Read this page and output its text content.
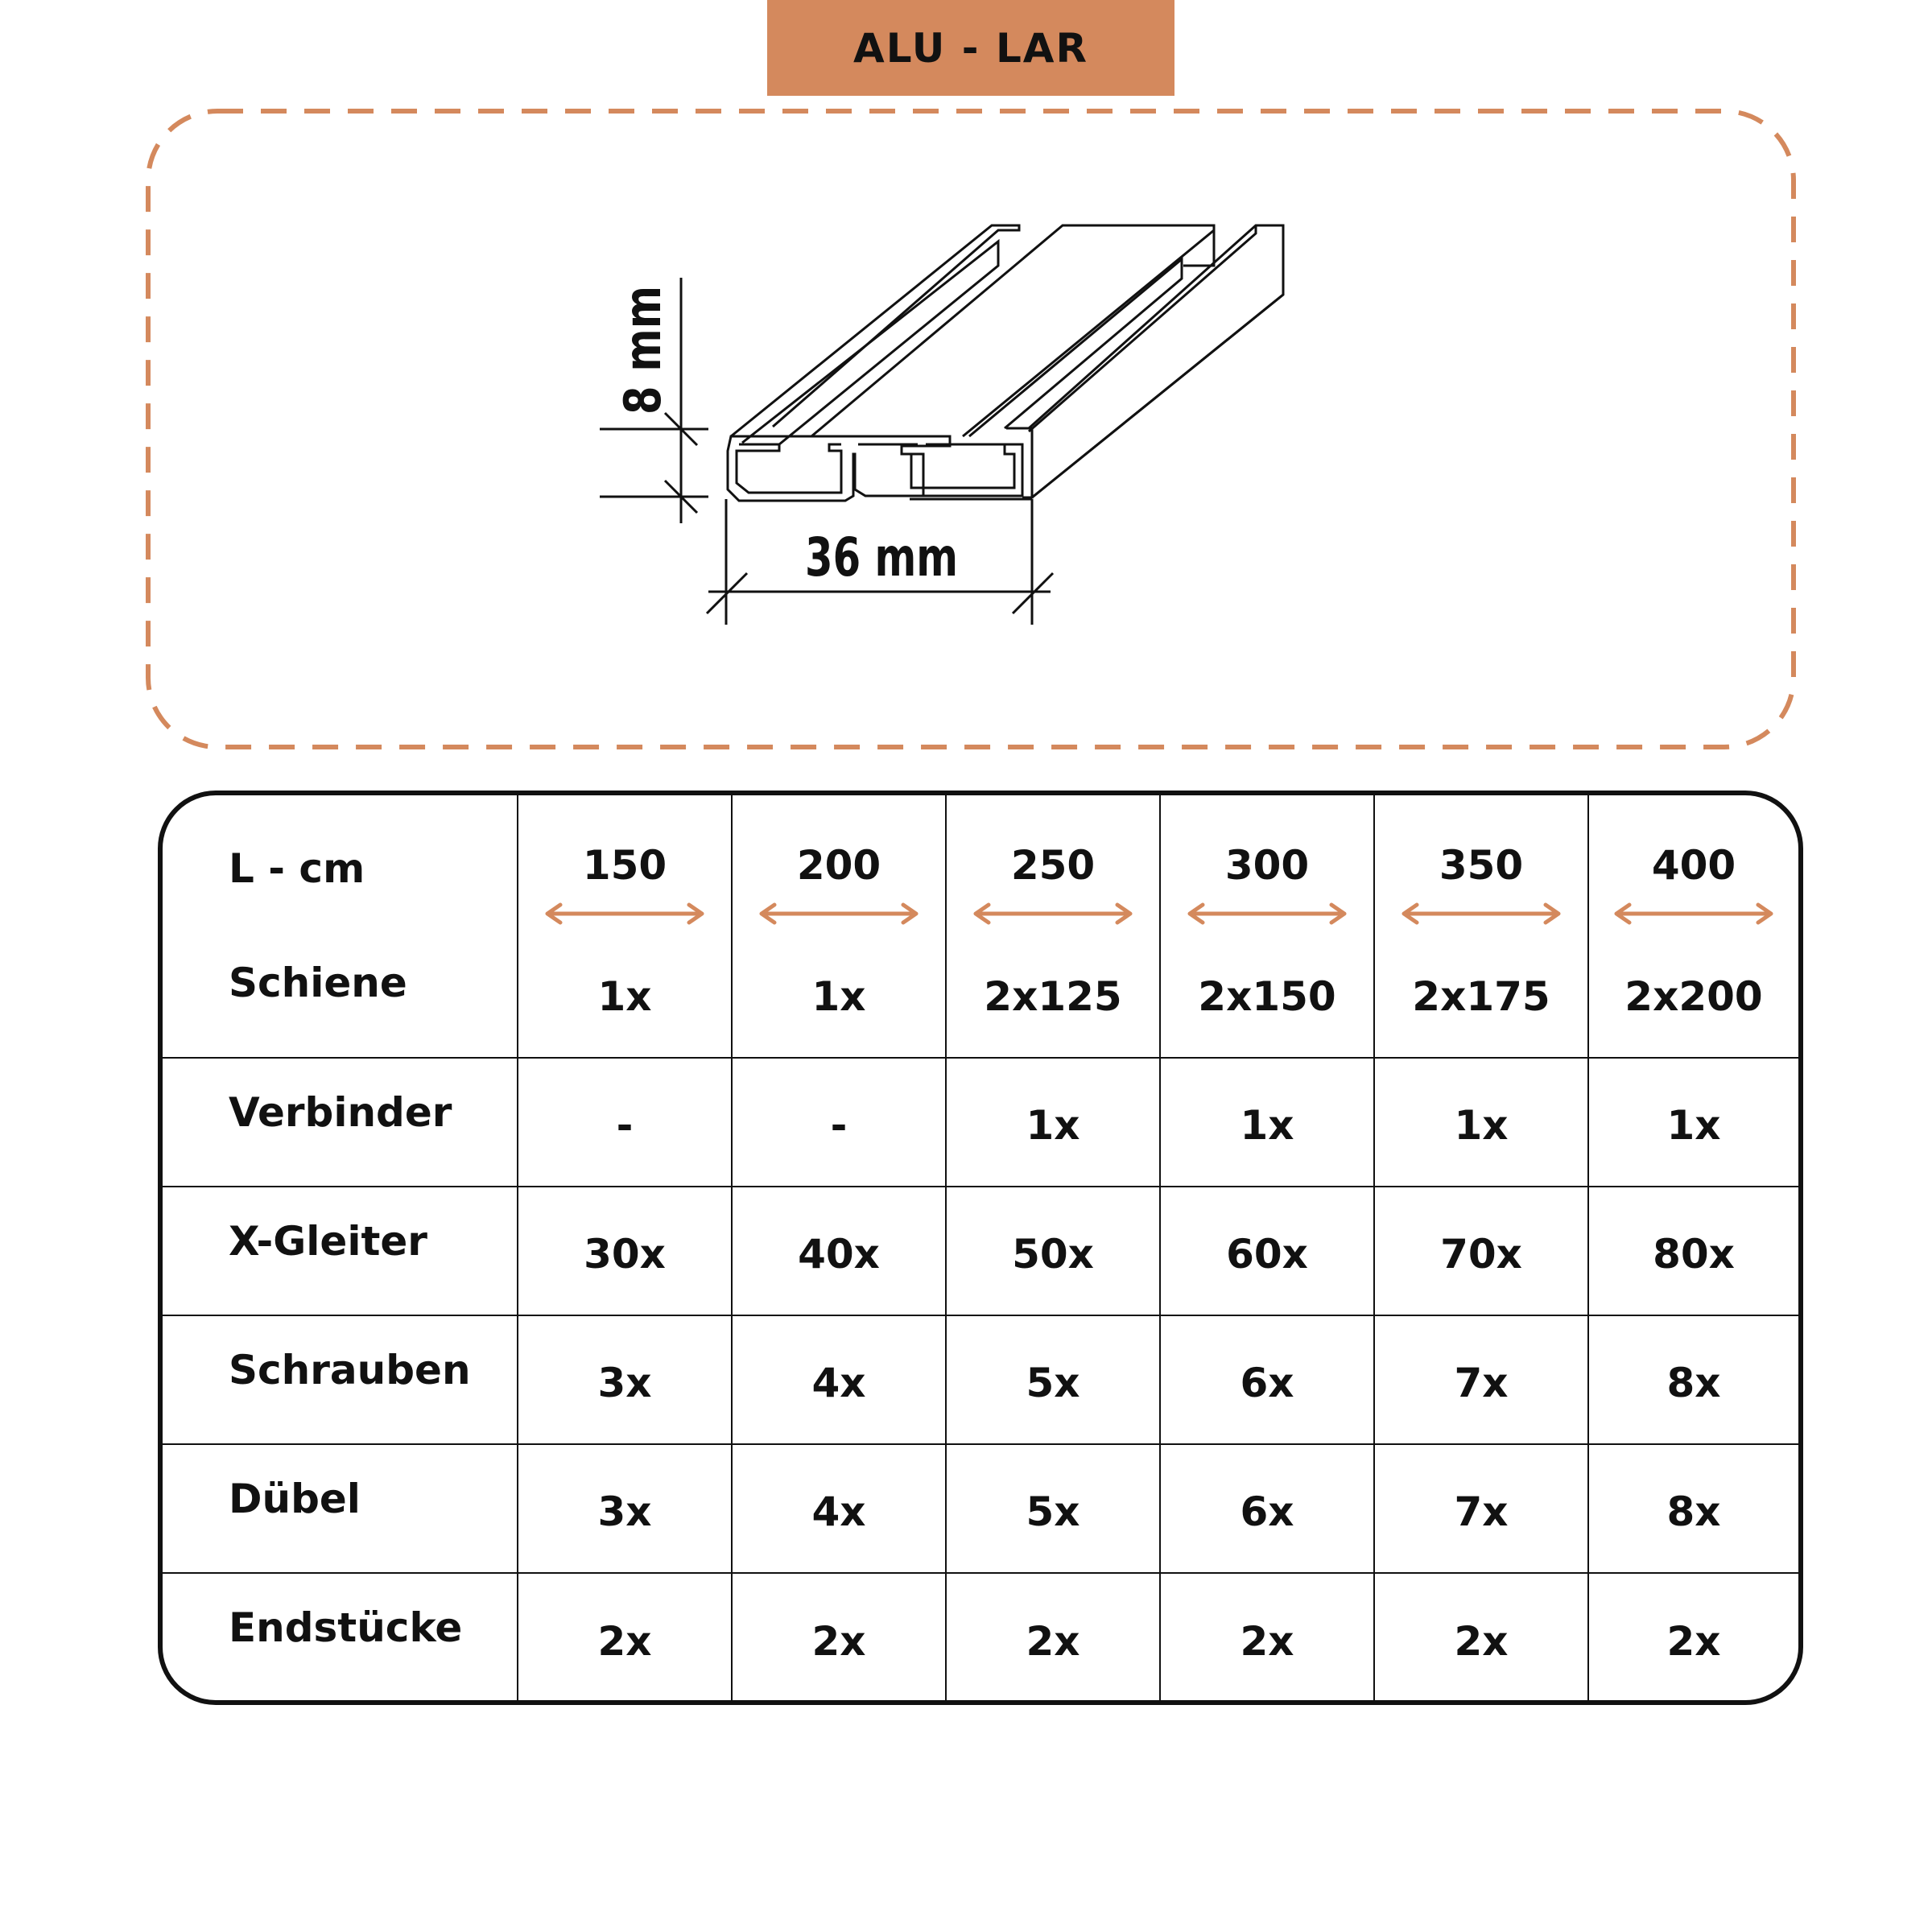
ALU - LAR
8 mm
36 mm
L - cm	150	200	250	300	350	400

Schiene	1x	1x	2x125	2x150	2x175	2x200
Verbinder	-	-	1x	1x	1x	1x
X-Gleiter	30x	40x	50x	60x	70x	80x
Schrauben	3x	4x	5x	6x	7x	8x
Dübel	3x	4x	5x	6x	7x	8x
Endstücke	2x	2x	2x	2x	2x	2x
